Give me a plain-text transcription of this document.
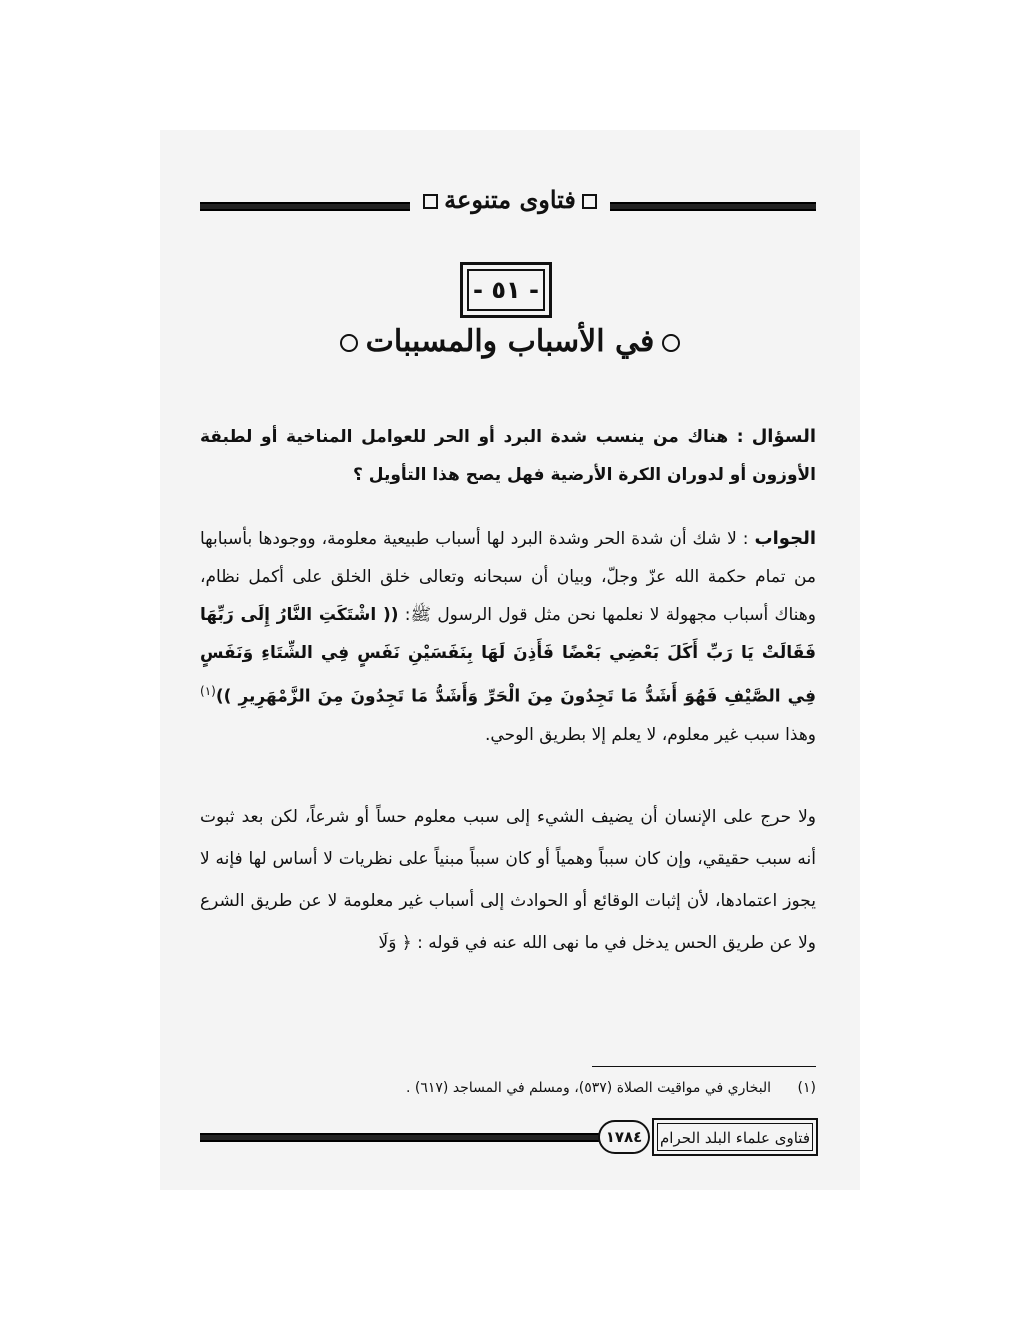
فتاوى متنوعة
- ٥١ -
في الأسباب والمسببات
السؤال : هناك من ينسب شدة البرد أو الحر للعوامل المناخية أو لطبقة الأوزون أو لدوران الكرة الأرضية فهل يصح هذا التأويل ؟
الجواب : لا شك أن شدة الحر وشدة البرد لها أسباب طبيعية معلومة، ووجودها بأسبابها من تمام حكمة الله عزّ وجلّ، وبيان أن سبحانه وتعالى خلق الخلق على أكمل نظام، وهناك أسباب مجهولة لا نعلمها نحن مثل قول الرسول ﷺ: (( اشْتَكَتِ النَّارُ إِلَى رَبِّهَا فَقَالَتْ يَا رَبِّ أَكَلَ بَعْضِي بَعْضًا فَأَذِنَ لَهَا بِنَفَسَيْنِ نَفَسٍ فِي الشِّتَاءِ وَنَفَسٍ فِي الصَّيْفِ فَهُوَ أَشَدُّ مَا تَجِدُونَ مِنَ الْحَرِّ وَأَشَدُّ مَا تَجِدُونَ مِنَ الزَّمْهَرِيرِ ))$^{(١)}$ وهذا سبب غير معلوم، لا يعلم إلا بطريق الوحي.
ولا حرج على الإنسان أن يضيف الشيء إلى سبب معلوم حساً أو شرعاً، لكن بعد ثبوت أنه سبب حقيقي، وإن كان سبباً وهمياً أو كان سبباً مبنياً على نظريات لا أساس لها فإنه لا يجوز اعتمادها، لأن إثبات الوقائع أو الحوادث إلى أسباب غير معلومة لا عن طريق الشرع ولا عن طريق الحس يدخل في ما نهى الله عنه في قوله : ﴿ وَلَا
(١) البخاري في مواقيت الصلاة (٥٣٧)، ومسلم في المساجد (٦١٧) .
١٧٨٤	فتاوى علماء البلد الحرام
